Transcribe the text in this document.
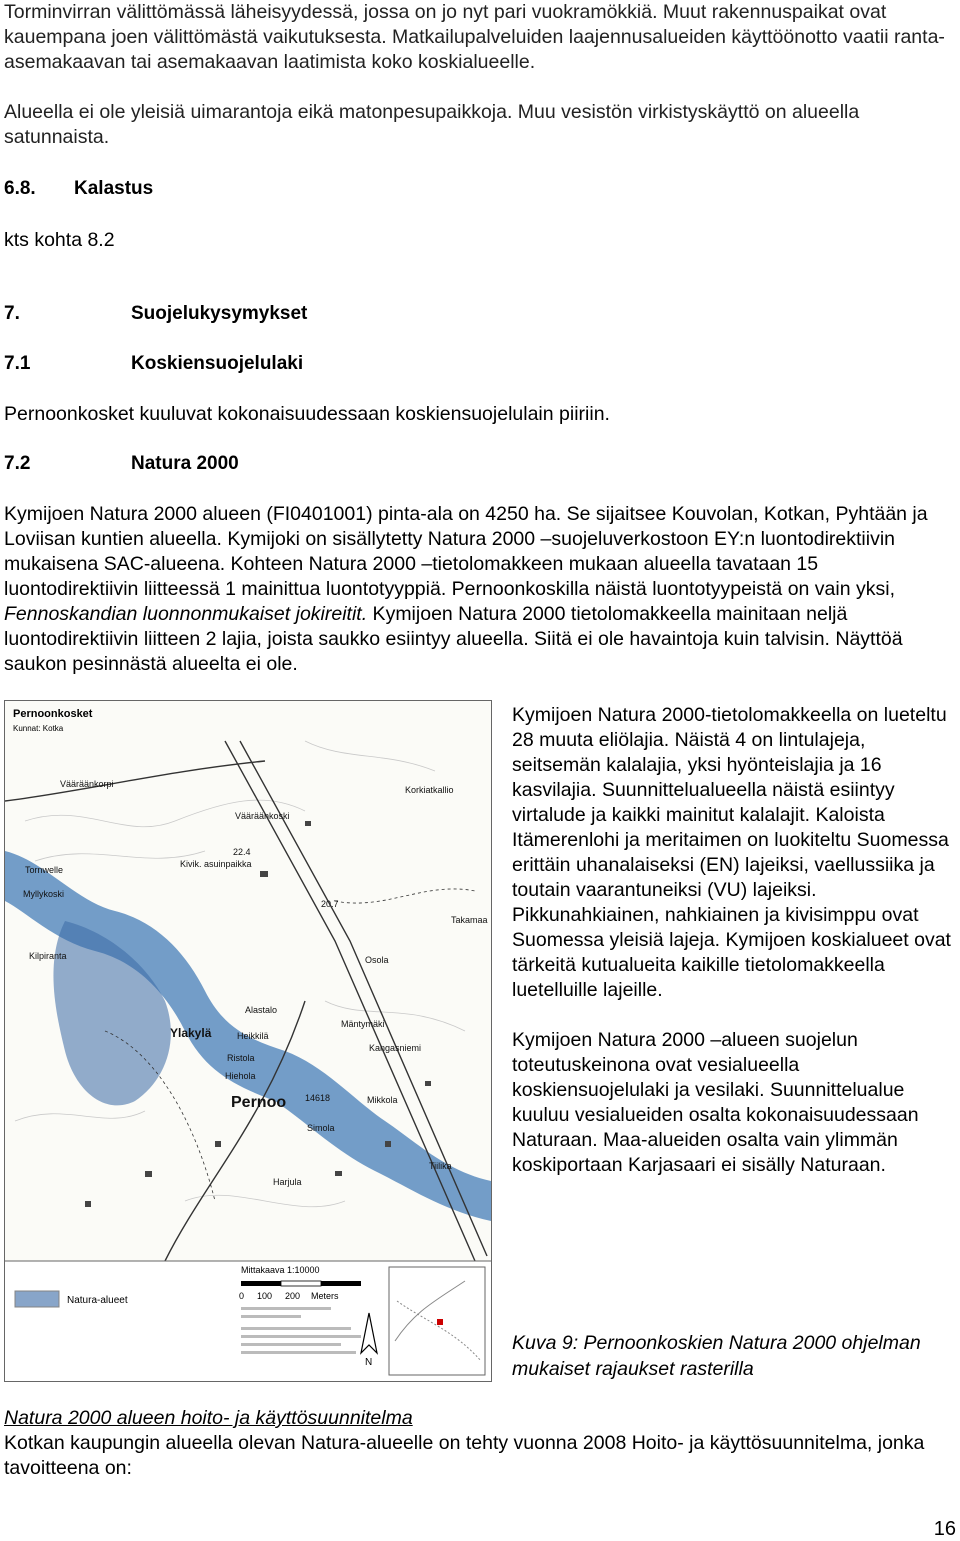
Torminvirran välittömässä läheisyydessä, jossa on jo nyt pari vuokramökkiä. Muut rakennuspaikat ovat kauempana joen välittömästä vaikutuksesta. Matkailupalveluiden laajennusalueiden käyttöönotto vaatii ranta-asemakaavan tai asemakaavan laatimista koko koskialueelle.

Alueella ei ole yleisiä uimarantoja eikä matonpesupaikkoja. Muu vesistön virkistyskäyttö on alueella satunnaista.

6.8. Kalastus

kts kohta 8.2

7.	Suojelukysymykset
7.1	Koskiensuojelulaki

Pernoonkosket kuuluvat kokonaisuudessaan koskiensuojelulain piiriin.

7.2	Natura 2000

Kymijoen Natura 2000 alueen (FI0401001) pinta-ala on 4250 ha. Se sijaitsee Kouvolan, Kotkan, Pyhtään ja Loviisan kuntien alueella. Kymijoki on sisällytetty Natura 2000 –suojeluverkostoon EY:n luontodirektiivin mukaisena SAC-alueena. Kohteen Natura 2000 –tietolomakkeen mukaan alueella tavataan 15 luontodirektiivin liitteessä 1 mainittua luontotyyppiä. Pernoonkoskilla näistä luontotyypeistä on vain yksi, Fennoskandian luonnonmukaiset jokireitit. Kymijoen Natura 2000 tietolomakkeella mainitaan neljä luontodirektiivin liitteen 2 lajia, joista saukko esiintyy alueella. Siitä ei ole havaintoja kuin talvisin. Näyttöä saukon pesinnästä alueelta ei ole.

Pernoonkosket
Kunnat: Kotka
Vääräänkorpi
Vääräänkoski
Korkiatkallio
Kivik. asuinpaikka
Tornwelle
Myllykoski
Kilpiranta
Ylakylä
Alastalo
Heikkilä
Ristola
Hiehola
Pernoo
Mäntymäki
Kangasniemi
Mikkola
Osola
Takamaa
Simola
Harjula
Tiilika
22.4
20.7
14618
Natura-alueet
Mittakaava 1:10000
0 100 200 Meters
N

Kymijoen Natura 2000-tietolomakkeella on lueteltu 28 muuta eliölajia. Näistä 4 on lintulajeja, seitsemän kalalajia, yksi hyönteislajia ja 16 kasvilajia. Suunnittelualueella näistä esiintyy virtalude ja kaikki mainitut kalalajit. Kaloista Itämerenlohi ja meritaimen on luokiteltu Suomessa erittäin uhanalaiseksi (EN) lajeiksi, vaellussiika ja toutain vaarantuneiksi (VU) lajeiksi. Pikkunahkiainen, nahkiainen ja kivisimppu ovat Suomessa yleisiä lajeja. Kymijoen koskialueet ovat tärkeitä kutualueita kaikille tietolomakkeella luetelluille lajeille.

Kymijoen Natura 2000 –alueen suojelun toteutuskeinona ovat vesialueella koskiensuojelulaki ja vesilaki. Suunnittelualue kuuluu vesialueiden osalta kokonaisuudessaan Naturaan. Maa-alueiden osalta vain ylimmän koskiportaan Karjasaari ei sisälly Naturaan.

Kuva 9: Pernoonkoskien Natura 2000 ohjelman mukaiset rajaukset rasterilla

Natura 2000 alueen hoito- ja käyttösuunnitelma

Kotkan kaupungin alueella olevan Natura-alueelle on tehty vuonna 2008 Hoito- ja käyttösuunnitelma, jonka tavoitteena on:

16
